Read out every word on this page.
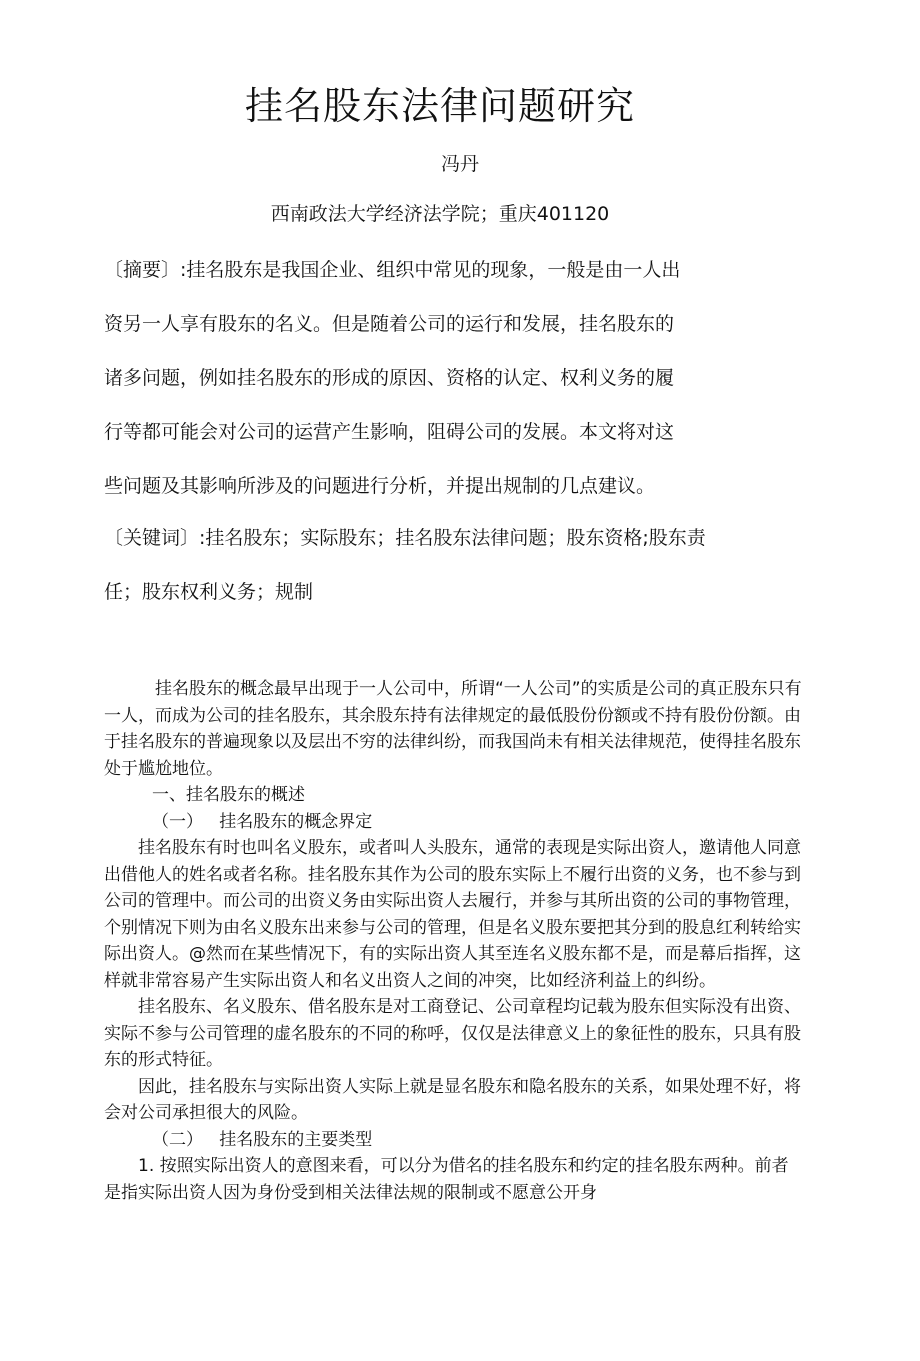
挂名股东法律问题研究
冯丹
西南政法大学经济法学院；重庆401120
〔摘要〕:挂名股东是我国企业、组织中常见的现象，一般是由一人出
资另一人享有股东的名义。但是随着公司的运行和发展，挂名股东的
诸多问题，例如挂名股东的形成的原因、资格的认定、权利义务的履
行等都可能会对公司的运营产生影响，阻碍公司的发展。本文将对这
些问题及其影响所涉及的问题进行分析，并提出规制的几点建议。
〔关键词〕:挂名股东；实际股东；挂名股东法律问题；股东资格;股东责
任；股东权利义务；规制

挂名股东的概念最早出现于一人公司中，所谓“一人公司”的实质是公司的真正股东只有一人，而成为公司的挂名股东，其余股东持有法律规定的最低股份份额或不持有股份份额。由于挂名股东的普遍现象以及层出不穷的法律纠纷，而我国尚未有相关法律规范，使得挂名股东处于尴尬地位。

一、挂名股东的概述

（一）   挂名股东的概念界定

挂名股东有时也叫名义股东，或者叫人头股东，通常的表现是实际出资人，邀请他人同意出借他人的姓名或者名称。挂名股东其作为公司的股东实际上不履行出资的义务，也不参与到公司的管理中。而公司的出资义务由实际出资人去履行，并参与其所出资的公司的事物管理，个别情况下则为由名义股东出来参与公司的管理，但是名义股东要把其分到的股息红利转给实际出资人。@然而在某些情况下，有的实际出资人其至连名义股东都不是，而是幕后指挥，这样就非常容易产生实际出资人和名义出资人之间的冲突，比如经济利益上的纠纷。

挂名股东、名义股东、借名股东是对工商登记、公司章程均记载为股东但实际没有出资、实际不参与公司管理的虚名股东的不同的称呼，仅仅是法律意义上的象征性的股东，只具有股东的形式特征。

因此，挂名股东与实际出资人实际上就是显名股东和隐名股东的关系，如果处理不好，将会对公司承担很大的风险。

（二）   挂名股东的主要类型

1. 按照实际出资人的意图来看，可以分为借名的挂名股东和约定的挂名股东两种。前者是指实际出资人因为身份受到相关法律法规的限制或不愿意公开身
